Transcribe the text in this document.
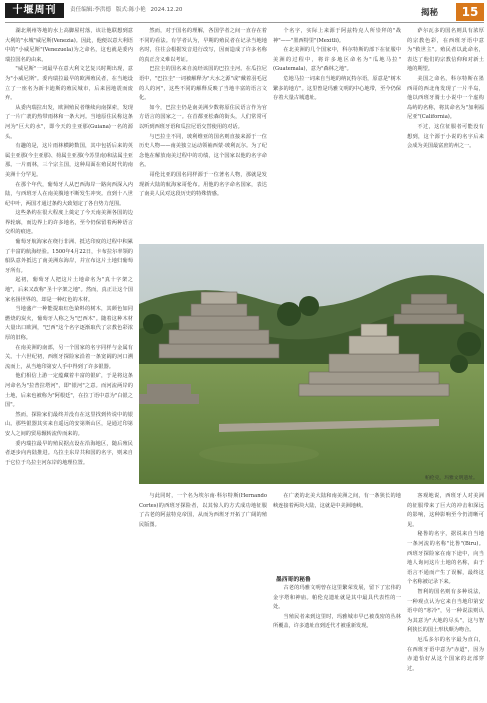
十堰周刊	责任编辑:李洪德 版式:陈小艳 2024.12.20	揭秘	15

湖北荆州等地的水上高脚屋村落，该让他联想到意大利的"水城"威尼斯(Venezia)。因此，他便以意大利语中的"小威尼斯"(Venezuela)为之命名，这也就是委内瑞拉国名的由来。

"威尼斯"一词最早在意大利文艺复兴时期出现，意为"小威尼斯"。委内瑞拉最早的欧洲殖民者，在当地设立了一座名为新卡迪斯的殖民城市，后来因地震而废弃。

从委内瑞拉出发，欧洲殖民者继续向南探索，发现了一片广袤的热带雨林和一条大河。当地原住民称这条河为"巨大的水"，即今天的圭亚那(Guiana)一名的源头。

有趣的是，这片雨林横跨数国，其中包括后来的英属圭亚那(今圭亚那)、荷属圭亚那(今苏里南)和法属圭亚那。一片雨林，三个宗主国，这种局面在殖民时代的南美洲十分罕见。

在那个年代，葡萄牙人从巴西海岸一路向西深入内陆，与西班牙人在南美腹地不断发生冲突。直到十八世纪中叶，两国才通过条约大致划定了各自势力范围。

这些条约在很大程度上奠定了今天南美洲各国的边界轮廓，而边界上的许多地名，至今仍保留着两种语言交织的痕迹。

葡萄牙航海家在绕行非洲、抵达印度的过程中积累了丰富的航海经验。1500年4月22日，卡布拉尔率领的船队意外抵达了南美洲东海岸，并宣布这片土地归葡萄牙所有。

起初，葡萄牙人把这片土地命名为"真十字架之地"，后来又改称"圣十字架之地"。然而，真正让这个国家名扬世界的，却是一种红色的木材。

当地盛产一种能提取红色染料的树木，其颜色如同燃烧的炭火，葡萄牙人称之为"巴西木"。随着这种木材大量出口欧洲，"巴西"这个名字逐渐取代了宗教色彩浓厚的旧称。

在南美洲的南部，另一个国家的名字同样与金属有关。十六世纪初，西班牙探险家沿着一条宽阔的河口溯流而上，从当地印第安人手中得到了许多银器。

他们相信上游一定蕴藏着丰富的银矿，于是将这条河命名为"拉普拉塔河"，即"银河"之意。而河流两岸的土地，后来也被称为"阿根廷"，在拉丁语中意为"白银之国"。

然而，探险家们最终并没有在这里找到传说中的银山。那些银器其实来自遥远的安第斯山区，是通过印第安人之间的贸易辗转流传而来的。

委内瑞拉最早的殖民据点设在沿海地区，随后殖民者逐步向内陆推进。乌拉圭东岸共和国的名字，则来自于它位于乌拉圭河东岸的地理位置。

然而，对于国名的理解，各国学者之间一直存在着不同的看法。有学者认为，早期的殖民者在记录当地地名时，往往会根据发音进行改写，因而造成了许多名称的真正含义难以考证。

巴拉圭的国名来自流经该国的巴拉圭河。在瓜拉尼语中，"巴拉圭"一词被解释为"大水之源"或"戴着羽毛冠的人的河"，这些不同的解释反映了当地丰富的语言文化。

如今，巴拉圭仍是南美洲少数将原住民语言作为官方语言的国家之一。在首都亚松森的街头，人们常常可以听到西班牙语和瓜拉尼语交替使用的对话。

与巴拉圭不同，玻利维亚的国名则直接来源于一位历史人物——南美独立运动领袖西蒙·玻利瓦尔。为了纪念他在解放南美过程中的功绩，这个国家以他的名字命名。

哥伦比亚的国名同样源于一位著名人物，那就是发现新大陆的航海家哥伦布。用他的名字命名国家，表达了南美人民对这段历史的特殊情感。

个名字，实际上来源于阿兹特克人所崇拜的"战神"——"墨西特里"(Mexitli)。

在北美洲的几个国家中，科尔特斯的部下在征服中美洲的过程中，将许多地区命名为"瓜地马拉"(Guatemala)，意为"森林之地"。

危地马拉一词来自当地的纳瓦特尔语，原意是"树木繁多的地方"。这里曾是玛雅文明的中心地带，至今仍保存着大量古城遗址。

萨尔瓦多的国名则具有浓厚的宗教色彩，在西班牙语中意为"救世主"。殖民者以此命名，表达了他们的宗教信仰和对新土地的期望。

美国之命名，科尔特斯在墨西哥的西北角发现了一片半岛，他以西班牙骑士小说中一个虚构岛屿的名称，将其命名为"加利福尼亚"(California)。

不过，这位征服者可能没有想到，这个源于小说的名字后来会成为美国最富庶的州之一。

帕伦克，玛雅文明遗址。

与此同时，一个名为埃尔南·科尔特斯(Hernando Cortes)的西班牙探险者，以其惊人的方式成功地征服了古老的阿兹特克帝国，从而为西班牙开拓了广阔的殖民版图。

在广袤的北美大陆和南美洲之间，有一条狭长的地峡连接着两块大陆，这就是中美洲地峡。

墨西哥的秘鲁

古老的玛雅文明曾在这里繁荣发展，留下了宏伟的金字塔和神庙。帕伦克遗址就是其中最具代表性的一处。

当殖民者来到这里时，玛雅城市早已被茂密的丛林所覆盖，许多遗址直到近代才被重新发现。

客观地说，西班牙人对美洲的征服带来了巨大的冲击和深远的影响，这种影响至今仍清晰可见。

秘鲁的名字，据说来自当地一条河流的名称"比鲁"(Biru)。西班牙探险家在南下途中，向当地人询问这片土地的名称，由于语言不通而产生了误解，最终这个名称被记录下来。

智利的国名则有多种说法，一种观点认为它来自当地印第安语中的"寒冷"，另一种说法则认为其意为"大地的尽头"，这与智利狭长的国土形状颇为吻合。

厄瓜多尔的名字最为直白，在西班牙语中意为"赤道"，因为赤道恰好从这个国家的北部穿过。
